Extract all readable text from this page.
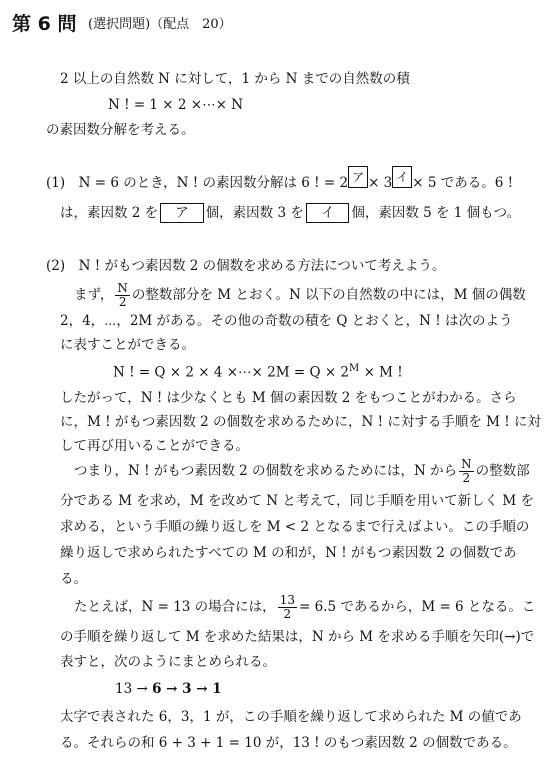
第 6 問 (選択問題)（配点　20）
2 以上の自然数 N に対して，1 から N までの自然数の積
N ! = 1 × 2 ×⋯× N
の素因数分解を考える。
(1)　N = 6 のとき，N ! の素因数分解は 6 ! = 2 ア × 3 イ × 5 である。6 !
は，素因数 2 を ア 個，素因数 3 を イ 個，素因数 5 を 1 個もつ。
(2)　N ! がもつ素因数 2 の個数を求める方法について考えよう。
まず， $\frac{N}{2}$ の整数部分を M とおく。N 以下の自然数の中には，M 個の偶数
2，4，⋯，2M がある。その他の奇数の積を Q とおくと，N ! は次のよう
に表すことができる。
N ! = Q × 2 × 4 ×⋯× $2M = Q \times 2^M \times M$ !
したがって，N ! は少なくとも M 個の素因数 2 をもつことがわかる。さら
に，M ! がもつ素因数 2 の個数を求めるために，N ! に対する手順を M ! に対
して再び用いることができる。
つまり，N ! がもつ素因数 2 の個数を求めるためには，N から $\frac{N}{2}$ の整数部
分である M を求め，M を改めて N と考えて，同じ手順を用いて新しく M を
求める，という手順の繰り返しを M < 2 となるまで行えばよい。この手順の
繰り返しで求められたすべての M の和が，N ! がもつ素因数 2 の個数であ
る。
たとえば，N = 13 の場合には， $\frac{13}{2} = 6.5$ であるから，M = 6 となる。こ
の手順を繰り返して M を求めた結果は，N から M を求める手順を矢印(→)で
表すと，次のようにまとめられる。
13 → 6 → 3 → 1
太字で表された 6，3，1 が，この手順を繰り返して求められた M の値であ
る。それらの和 6 + 3 + 1 = 10 が，13 ! のもつ素因数 2 の個数である。
